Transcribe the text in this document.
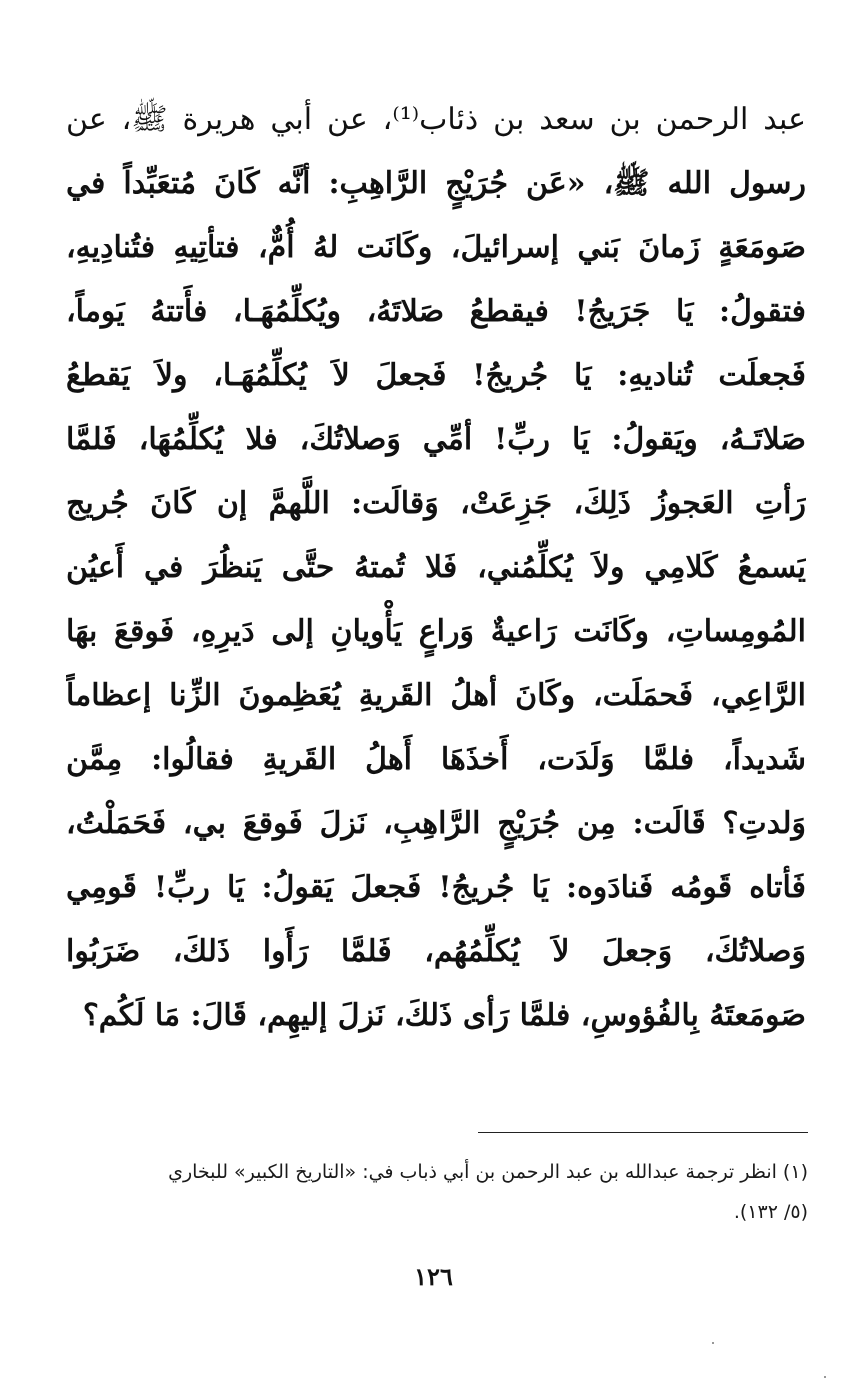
عبد الرحمن بن سعد بن ذئاب⁽¹⁾، عن أبي هريرة ﷺ، عن
رسول الله ﷺ، «عَن جُرَيْجٍ الرَّاهِبِ: أنَّه كَانَ مُتعَبِّداً في
صَومَعَةٍ زَمانَ بَني إسرائيلَ، وكَانَت لهُ أُمٌّ، فتأتِيهِ فتُنادِيهِ،
فتقولُ: يَا جَرَيجُ! فيقطعُ صَلاتَهُ، ويُكلِّمُهَـا، فأَتتهُ يَوماً،
فَجعلَت تُناديهِ: يَا جُريجُ! فَجعلَ لاَ يُكلِّمُهَـا، ولاَ يَقطعُ
صَلاتَـهُ، ويَقولُ: يَا ربِّ! أمِّي وَصلاتُكَ، فلا يُكلِّمُهَا، فَلمَّا
رَأتِ العَجوزُ ذَلِكَ، جَزِعَتْ، وَقالَت: اللَّهمَّ إن كَانَ جُريج
يَسمعُ كَلامِي ولاَ يُكلِّمُني، فَلا تُمتهُ حتَّى يَنظُرَ في أَعيُن
المُومِساتِ، وكَانَت رَاعيةٌ وَراعٍ يَأْويانِ إلى دَيرِهِ، فَوقعَ بهَا
الرَّاعِي، فَحمَلَت، وكَانَ أهلُ القَريةِ يُعَظِمونَ الزِّنا إعظاماً
شَديداً، فلمَّا وَلَدَت، أَخذَهَا أَهلُ القَريةِ فقالُوا: مِمَّن
وَلدتِ؟ قَالَت: مِن جُرَيْجٍ الرَّاهِبِ، نَزلَ فَوقعَ بي، فَحَمَلْتُ،
فَأتاه قَومُه فَنادَوه: يَا جُريجُ! فَجعلَ يَقولُ: يَا ربِّ! قَومِي
وَصلاتُكَ، وَجعلَ لاَ يُكلِّمُهُم، فَلمَّا رَأَوا ذَلكَ، ضَرَبُوا
صَومَعتَهُ بِالفُؤوسِ، فلمَّا رَأى ذَلكَ، نَزلَ إليهِم، قَالَ: مَا لَكُم؟
(١) انظر ترجمة عبدالله بن عبد الرحمن بن أبي ذباب في: «التاريخ الكبير» للبخاري
(٥/ ١٣٢).
١٢٦
